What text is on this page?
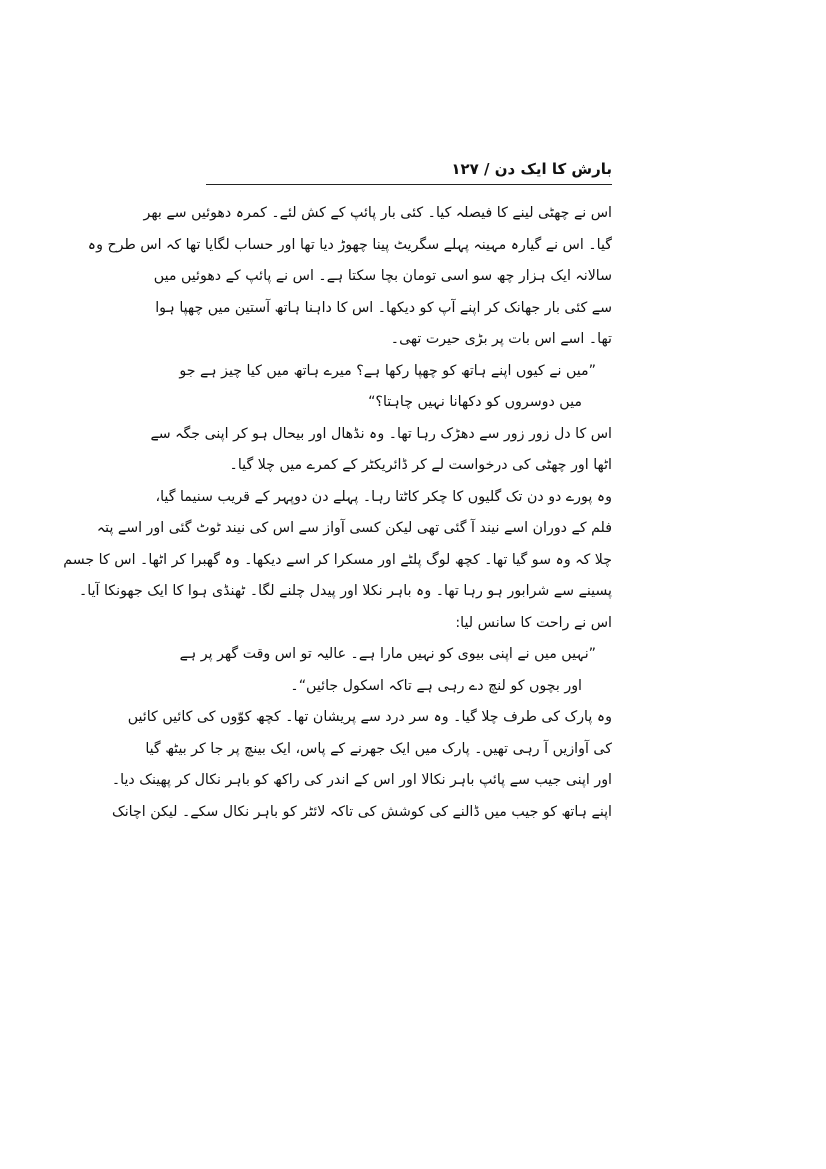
بارش کا ایک دن / ۱۲۷
اس نے چھٹی لینے کا فیصلہ کیا۔ کئی بار پائپ کے کش لئے۔ کمرہ دھوئیں سے بھر
گیا۔ اس نے گیارہ مہینہ پہلے سگریٹ پینا چھوڑ دیا تھا اور حساب لگایا تھا کہ اس طرح وہ
سالانہ ایک ہزار چھ سو اسی تومان بچا سکتا ہے۔ اس نے پائپ کے دھوئیں میں
سے کئی بار جھانک کر اپنے آپ کو دیکھا۔ اس کا داہنا ہاتھ آستین میں چھپا ہوا
تھا۔ اسے اس بات پر بڑی حیرت تھی۔
”میں نے کیوں اپنے ہاتھ کو چھپا رکھا ہے؟ میرے ہاتھ میں کیا چیز ہے جو
میں دوسروں کو دکھانا نہیں چاہتا؟“
اس کا دل زور زور سے دھڑک رہا تھا۔ وہ نڈھال اور بیحال ہو کر اپنی جگہ سے
اٹھا اور چھٹی کی درخواست لے کر ڈائریکٹر کے کمرے میں چلا گیا۔
وہ پورے دو دن تک گلیوں کا چکر کاٹتا رہا۔ پہلے دن دوپہر کے قریب سنیما گیا،
فلم کے دوران اسے نیند آ گئی تھی لیکن کسی آواز سے اس کی نیند ٹوٹ گئی اور اسے پتہ
چلا کہ وہ سو گیا تھا۔ کچھ لوگ پلٹے اور مسکرا کر اسے دیکھا۔ وہ گھبرا کر اٹھا۔ اس کا جسم
پسینے سے شرابور ہو رہا تھا۔ وہ باہر نکلا اور پیدل چلنے لگا۔ ٹھنڈی ہوا کا ایک جھونکا آیا۔
اس نے راحت کا سانس لیا:
”نہیں میں نے اپنی بیوی کو نہیں مارا ہے۔ عالیہ تو اس وقت گھر پر ہے
اور بچوں کو لنچ دے رہی ہے تاکہ اسکول جائیں“۔
وہ پارک کی طرف چلا گیا۔ وہ سر درد سے پریشان تھا۔ کچھ کوّوں کی کائیں کائیں
کی آوازیں آ رہی تھیں۔ پارک میں ایک جھرنے کے پاس، ایک بینچ پر جا کر بیٹھ گیا
اور اپنی جیب سے پائپ باہر نکالا اور اس کے اندر کی راکھ کو باہر نکال کر پھینک دیا۔
اپنے ہاتھ کو جیب میں ڈالنے کی کوشش کی تاکہ لائٹر کو باہر نکال سکے۔ لیکن اچانک
